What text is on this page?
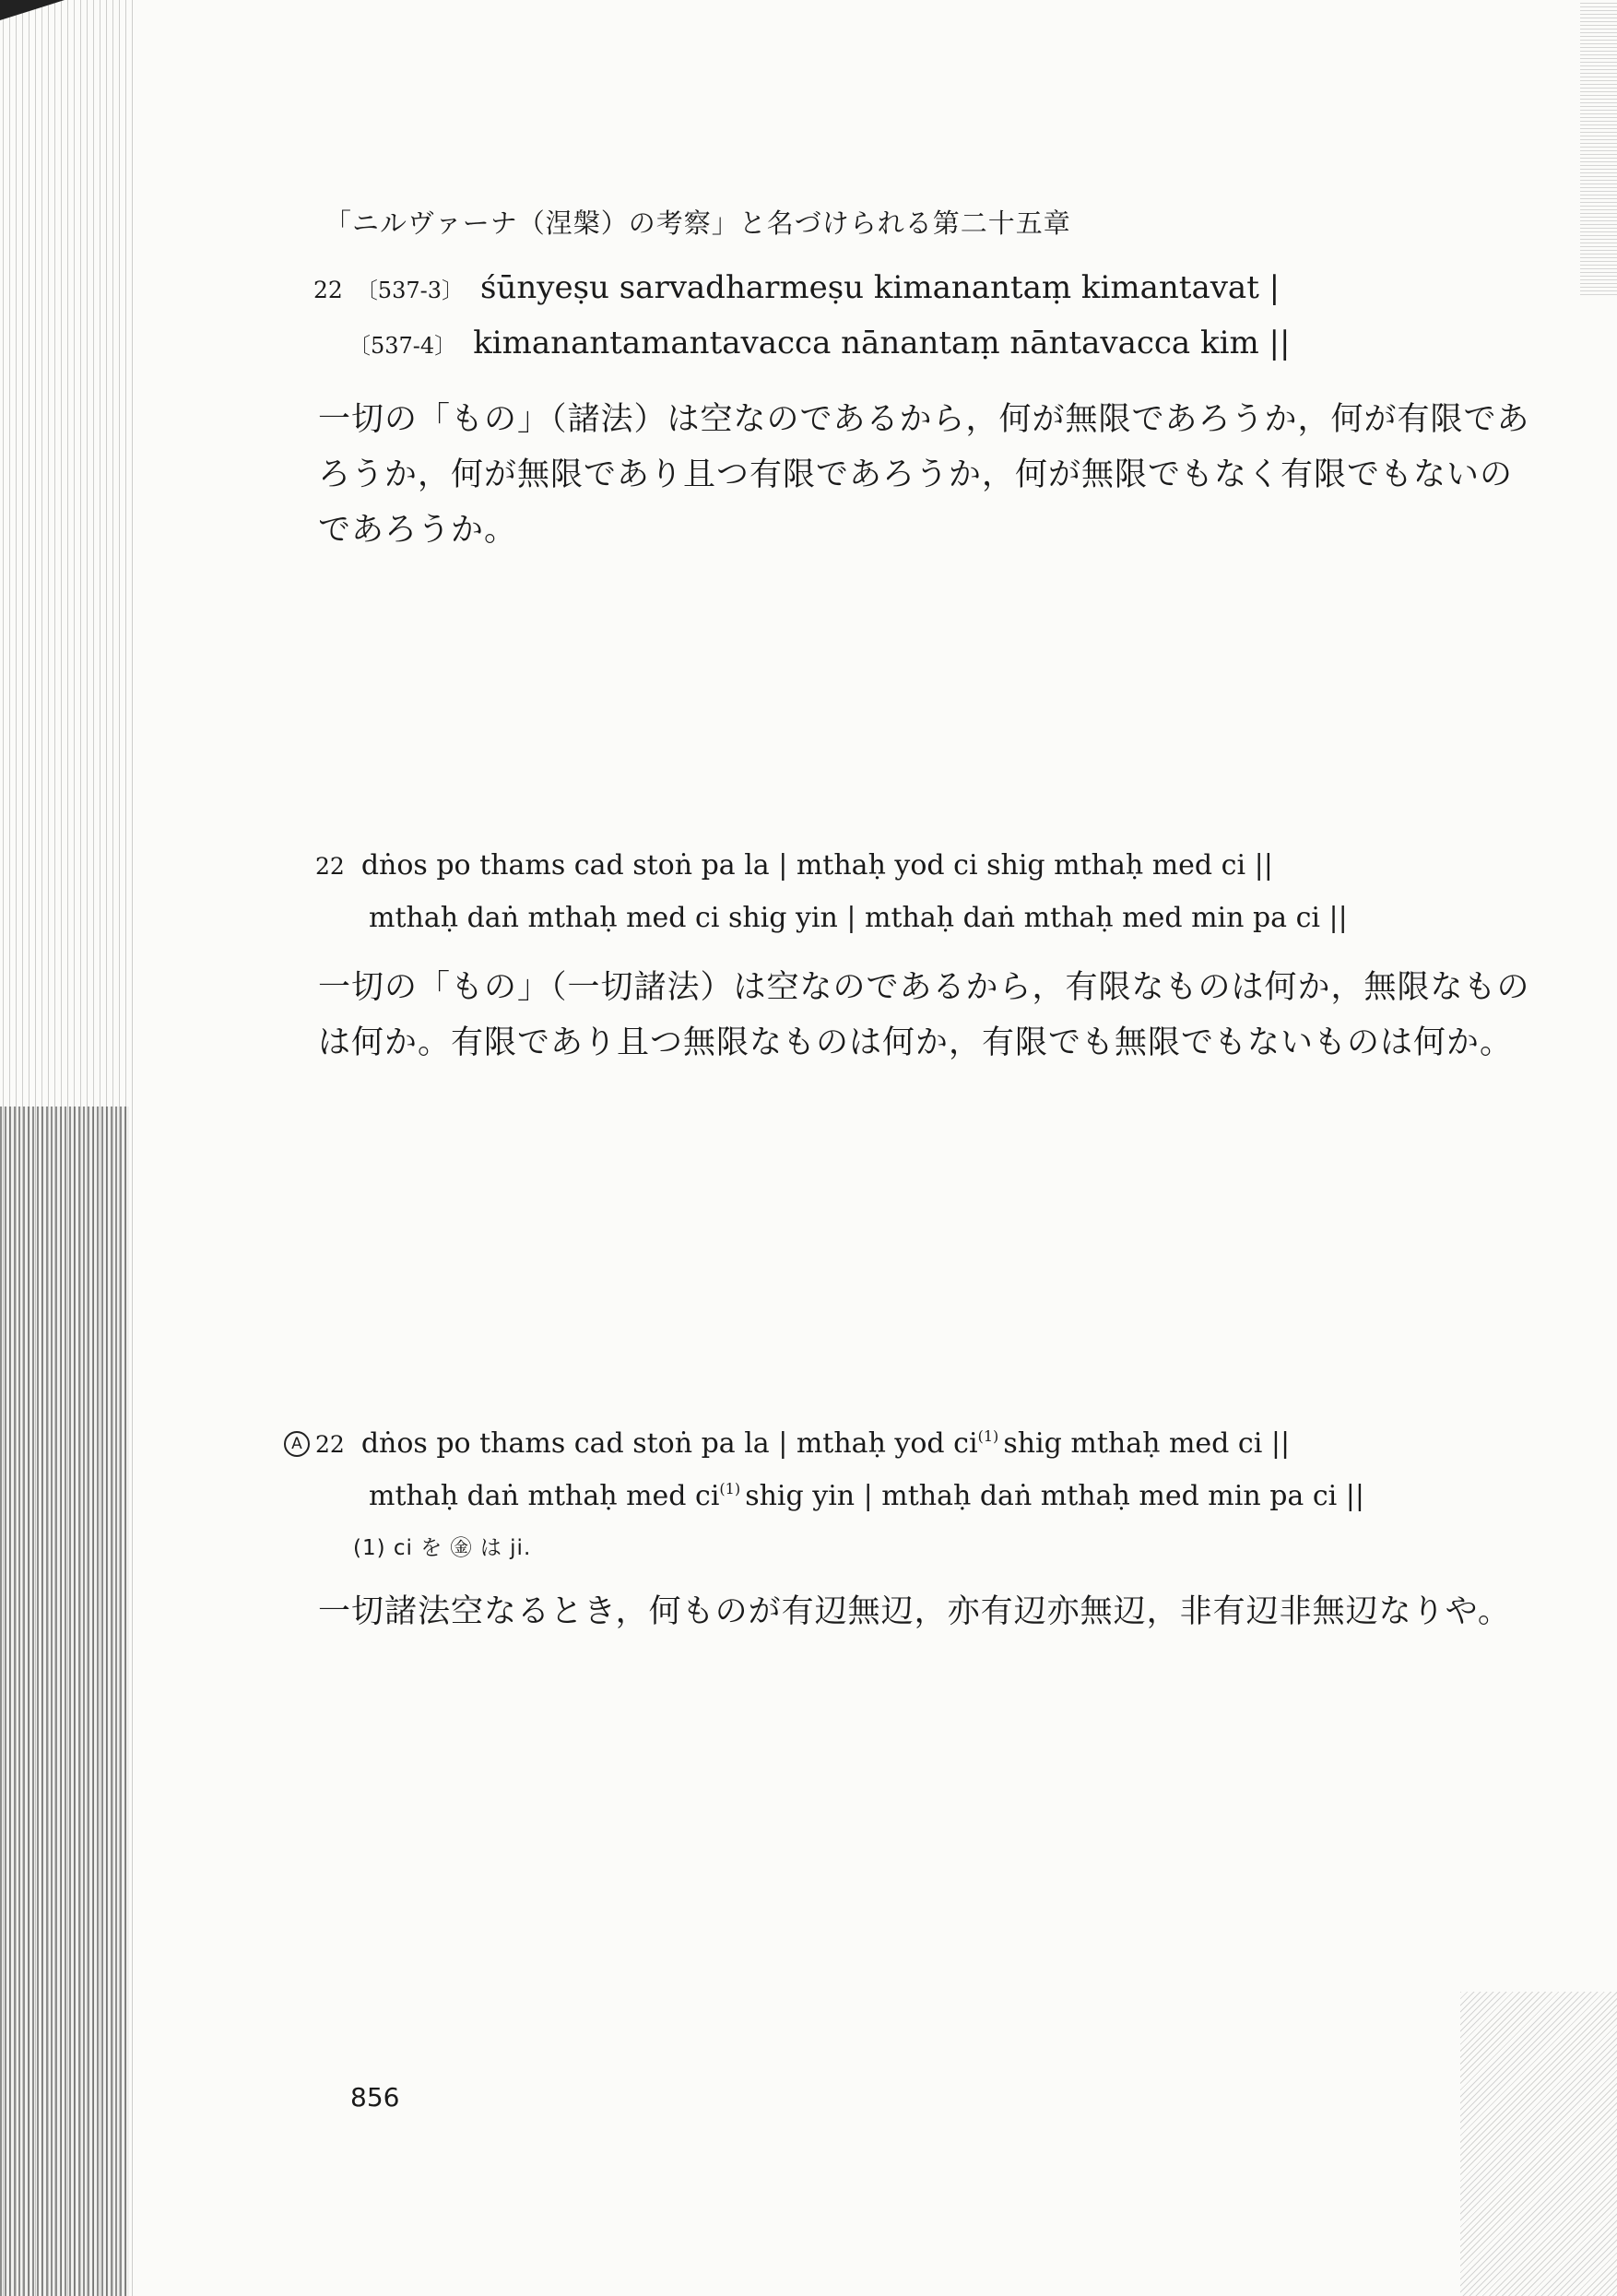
「ニルヴァーナ（涅槃）の考察」と名づけられる第二十五章
22 〔537-3〕 śūnyeṣu sarvadharmeṣu kimanantaṃ kimantavat |
〔537-4〕 kimanantamantavacca nānantaṃ nāntavacca kim ||
一切の「もの」（諸法）は空なのであるから，何が無限であろうか，何が有限であ
ろうか，何が無限であり且つ有限であろうか，何が無限でもなく有限でもないの
であろうか。
22 dṅos po thams cad stoṅ pa la | mthaḥ yod ci shig mthaḥ med ci ||
mthaḥ daṅ mthaḥ med ci shig yin | mthaḥ daṅ mthaḥ med min pa ci ||
一切の「もの」（一切諸法）は空なのであるから，有限なものは何か，無限なもの
は何か。有限であり且つ無限なものは何か，有限でも無限でもないものは何か。
A 22 dṅos po thams cad stoṅ pa la | mthaḥ yod $ci^{(1)}$ shig mthaḥ med ci ||
mthaḥ daṅ mthaḥ med $ci^{(1)}$ shig yin | mthaḥ daṅ mthaḥ med min pa ci ||
(1) ci を ㊎ は ji.
一切諸法空なるとき，何ものが有辺無辺，亦有辺亦無辺，非有辺非無辺なりや。
856
